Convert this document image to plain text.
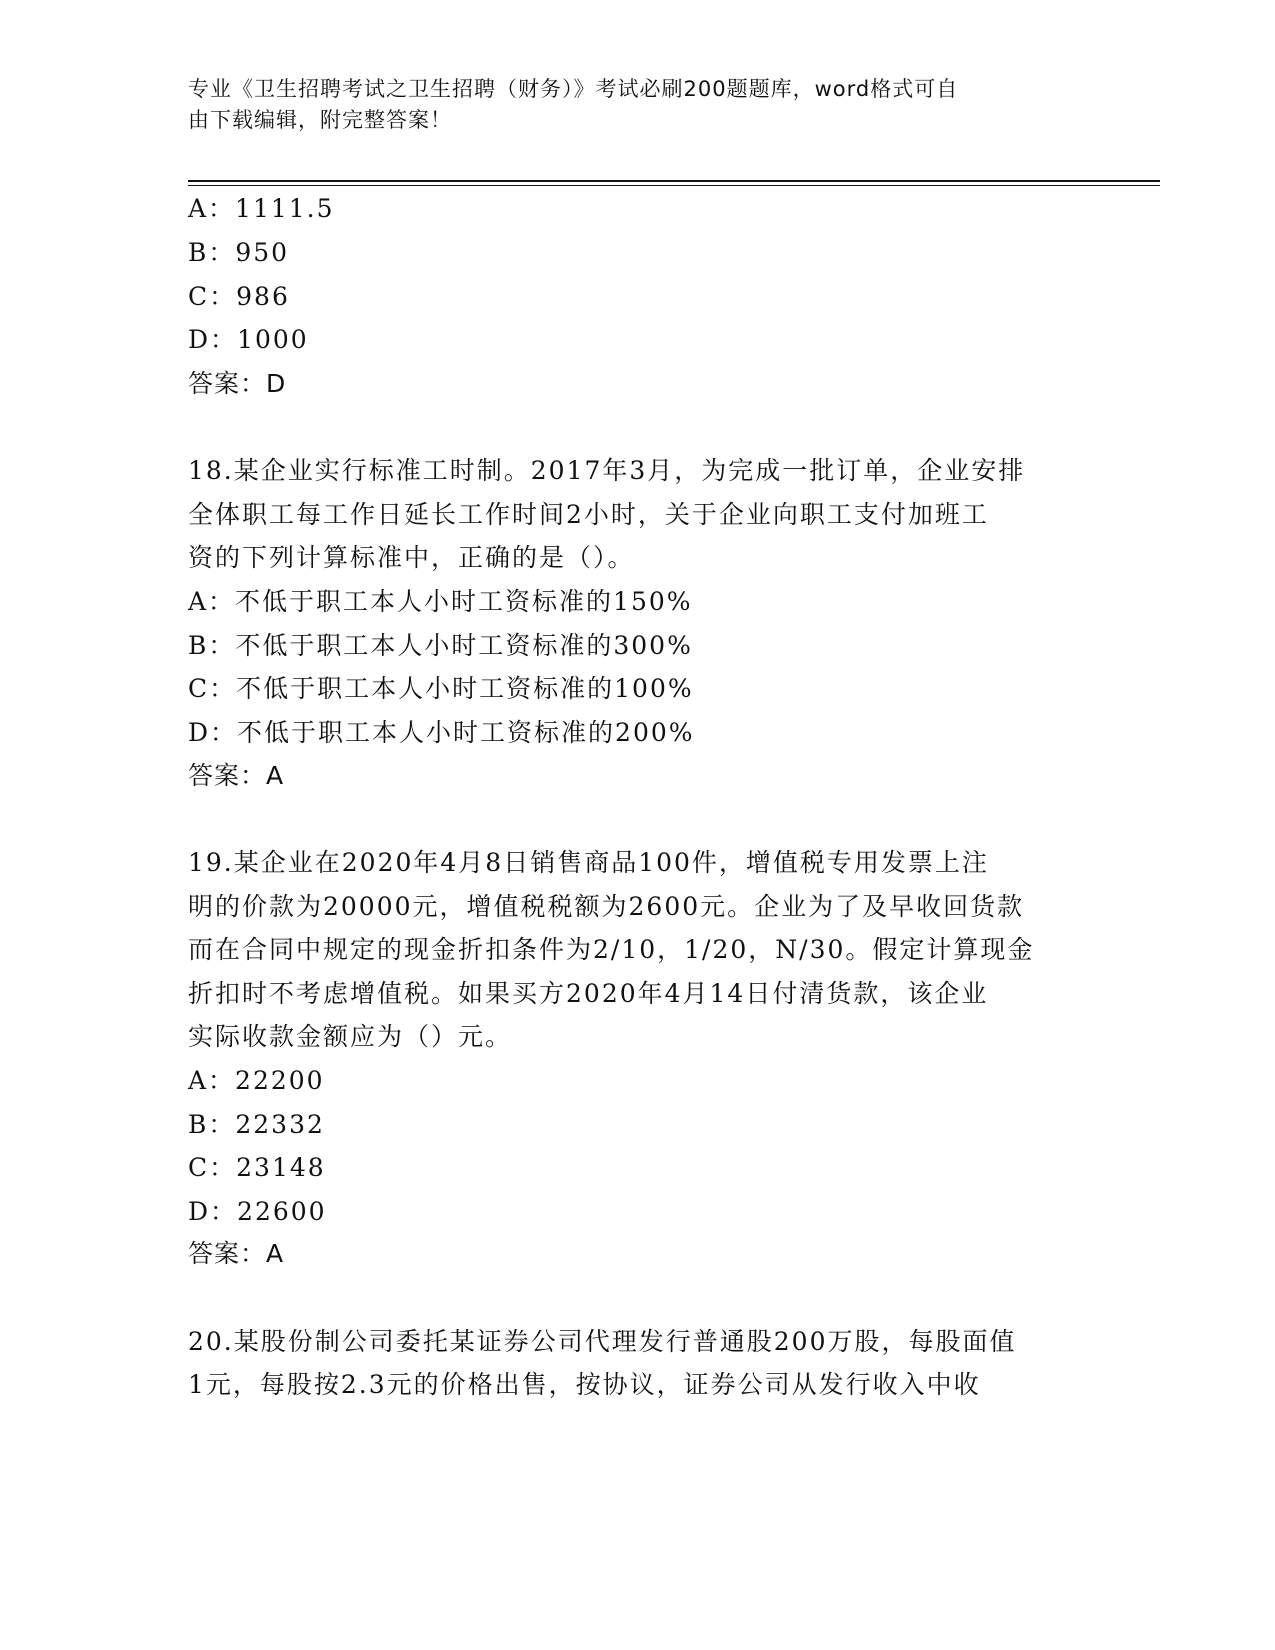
专业《卫生招聘考试之卫生招聘（财务）》考试必刷200题题库，word格式可自
由下载编辑，附完整答案！
A：1111.5
B：950
C：986
D：1000
答案：D
18.某企业实行标准工时制。2017年3月，为完成一批订单，企业安排
全体职工每工作日延长工作时间2小时，关于企业向职工支付加班工
资的下列计算标准中，正确的是（）。
A：不低于职工本人小时工资标准的150%
B：不低于职工本人小时工资标准的300%
C：不低于职工本人小时工资标准的100%
D：不低于职工本人小时工资标准的200%
答案：A
19.某企业在2020年4月8日销售商品100件，增值税专用发票上注
明的价款为20000元，增值税税额为2600元。企业为了及早收回货款
而在合同中规定的现金折扣条件为2/10，1/20，N/30。假定计算现金
折扣时不考虑增值税。如果买方2020年4月14日付清货款，该企业
实际收款金额应为（）元。
A：22200
B：22332
C：23148
D：22600
答案：A
20.某股份制公司委托某证券公司代理发行普通股200万股，每股面值
1元，每股按2.3元的价格出售，按协议，证券公司从发行收入中收
